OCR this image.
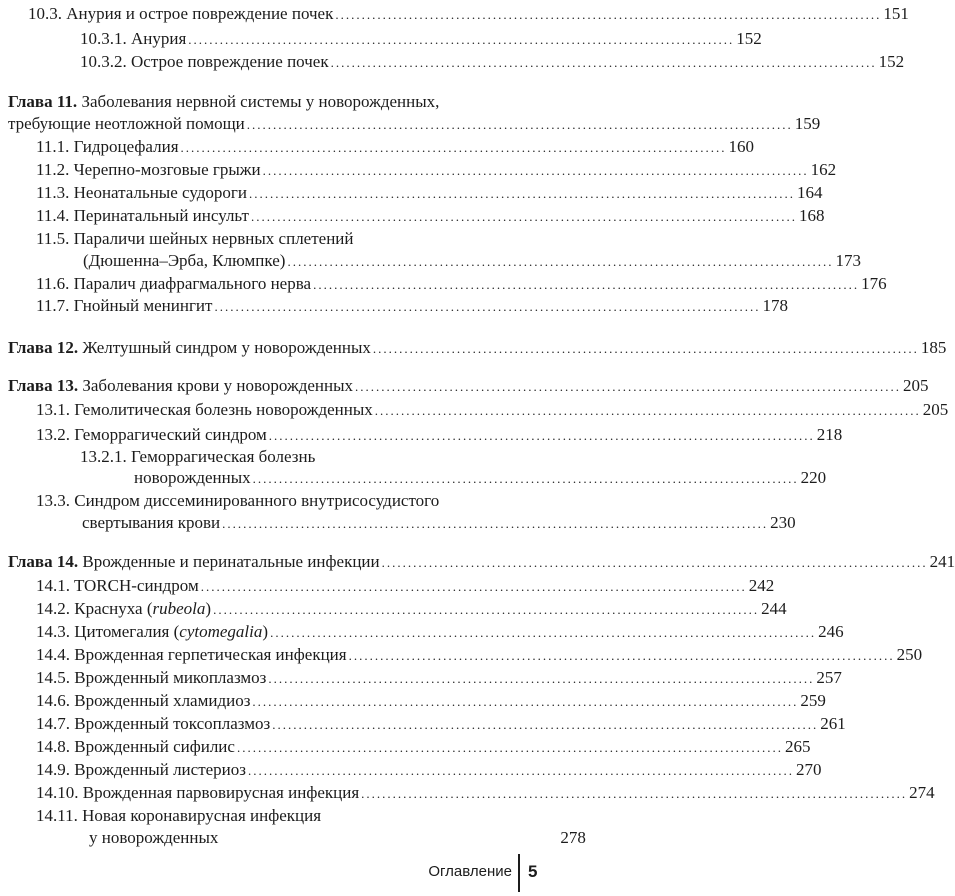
10.3. Анурия и острое повреждение почек ........................................................................................................ 151
10.3.1. Анурия ........................................................................................................ 152
10.3.2. Острое повреждение почек ........................................................................................................ 152
Глава 11. Заболевания нервной системы у новорожденных,
требующие неотложной помощи ........................................................................................................ 159
11.1. Гидроцефалия ........................................................................................................ 160
11.2. Черепно-мозговые грыжи ........................................................................................................ 162
11.3. Неонатальные судороги ........................................................................................................ 164
11.4. Перинатальный инсульт ........................................................................................................ 168
11.5. Параличи шейных нервных сплетений
(Дюшенна–Эрба, Клюмпке) ........................................................................................................ 173
11.6. Паралич диафрагмального нерва ........................................................................................................ 176
11.7. Гнойный менингит ........................................................................................................ 178
Глава 12. Желтушный синдром у новорожденных ........................................................................................................ 185
Глава 13. Заболевания крови у новорожденных ........................................................................................................ 205
13.1. Гемолитическая болезнь новорожденных ........................................................................................................ 205
13.2. Геморрагический синдром ........................................................................................................ 218
13.2.1. Геморрагическая болезнь
новорожденных ........................................................................................................ 220
13.3. Синдром диссеминированного внутрисосудистого
свертывания крови ........................................................................................................ 230
Глава 14. Врожденные и перинатальные инфекции ........................................................................................................ 241
14.1. TORCH-синдром ........................................................................................................ 242
14.2. Краснуха (rubeola) ........................................................................................................ 244
14.3. Цитомегалия (cytomegalia) ........................................................................................................ 246
14.4. Врожденная герпетическая инфекция ........................................................................................................ 250
14.5. Врожденный микоплазмоз ........................................................................................................ 257
14.6. Врожденный хламидиоз ........................................................................................................ 259
14.7. Врожденный токсоплазмоз ........................................................................................................ 261
14.8. Врожденный сифилис ........................................................................................................ 265
14.9. Врожденный листериоз ........................................................................................................ 270
14.10. Врожденная парвовирусная инфекция ........................................................................................................ 274
14.11. Новая коронавирусная инфекция
у новорожденных	278
Оглавление 5
